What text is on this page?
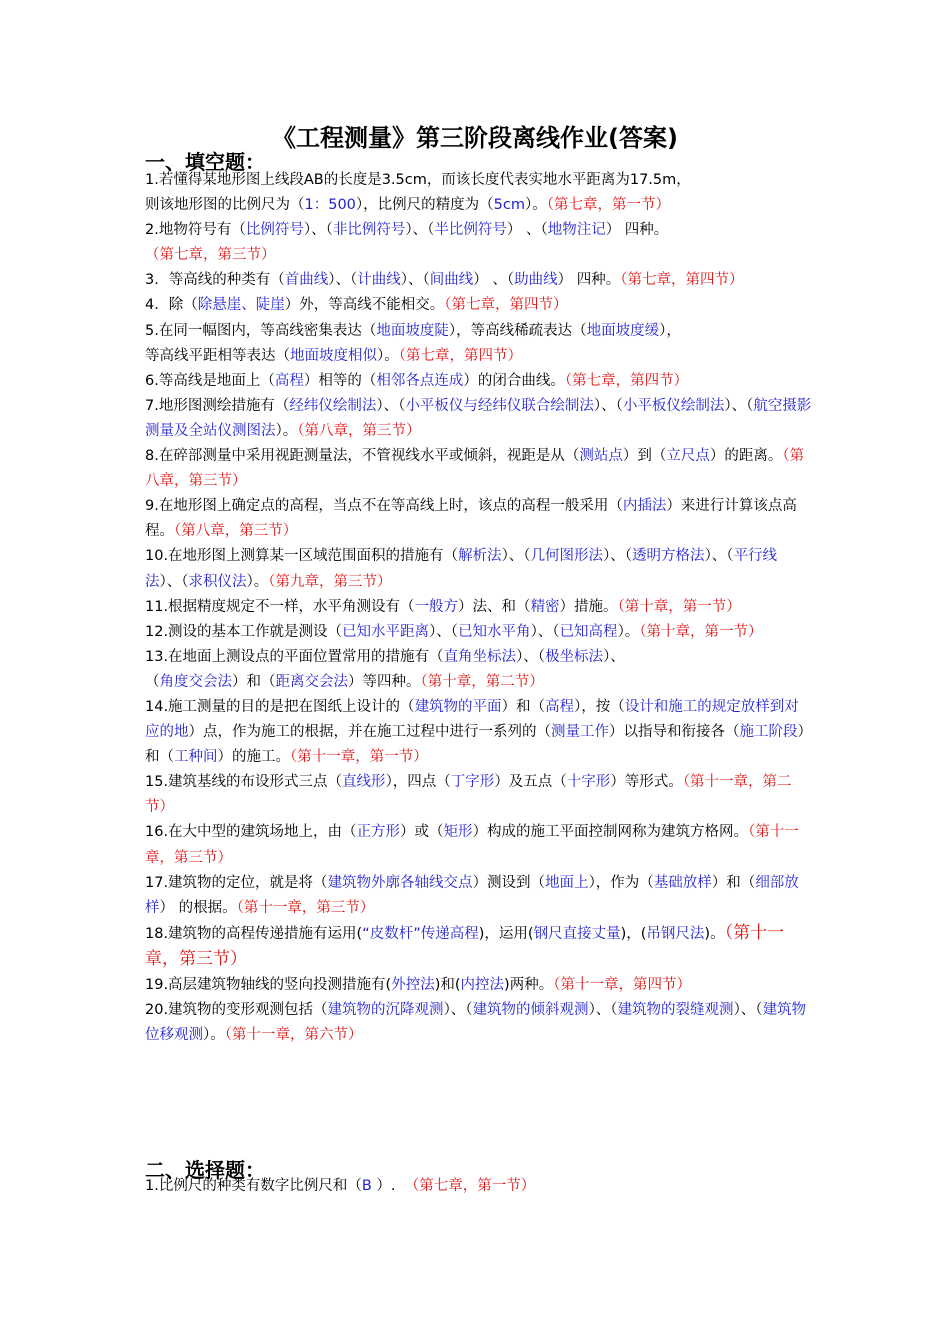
《工程测量》第三阶段离线作业(答案)
一、填空题：

1.若懂得某地形图上线段AB的长度是3.5cm，而该长度代表实地水平距离为17.5m，
则该地形图的比例尺为（1：500），比例尺的精度为（5cm）。（第七章，第一节）

2.地物符号有（比例符号）、（非比例符号）、（半比例符号） 、（地物注记） 四种。
（第七章，第三节）

3．等高线的种类有（首曲线）、（计曲线）、（间曲线） 、（助曲线） 四种。（第七章，第四节）

4．除（除悬崖、陡崖）外，等高线不能相交。（第七章，第四节）

5.在同一幅图内，等高线密集表达（地面坡度陡），等高线稀疏表达（地面坡度缓），
等高线平距相等表达（地面坡度相似）。（第七章，第四节）

6.等高线是地面上（高程）相等的（相邻各点连成）的闭合曲线。（第七章，第四节）

7.地形图测绘措施有（经纬仪绘制法）、（小平板仪与经纬仪联合绘制法）、（小平板仪绘制法）、（航空摄影测量及全站仪测图法）。（第八章，第三节）

8.在碎部测量中采用视距测量法，不管视线水平或倾斜，视距是从（测站点）到（立尺点）的距离。（第八章，第三节）

9.在地形图上确定点的高程，当点不在等高线上时，该点的高程一般采用（内插法）来进行计算该点高程。（第八章，第三节）

10.在地形图上测算某一区域范围面积的措施有（解析法）、（几何图形法）、（透明方格法）、（平行线法）、（求积仪法）。（第九章，第三节）

11.根据精度规定不一样，水平角测设有（一般方）法、和（精密）措施。（第十章，第一节）

12.测设的基本工作就是测设（已知水平距离）、（已知水平角）、（已知高程）。（第十章，第一节）

13.在地面上测设点的平面位置常用的措施有（直角坐标法）、（极坐标法）、
（角度交会法）和（距离交会法）等四种。（第十章，第二节）

14.施工测量的目的是把在图纸上设计的（建筑物的平面）和（高程），按（设计和施工的规定放样到对应的地）点，作为施工的根据，并在施工过程中进行一系列的（测量工作）以指导和衔接各（施工阶段）和（工种间）的施工。（第十一章，第一节）

15.建筑基线的布设形式三点（直线形），四点（丁字形）及五点（十字形）等形式。（第十一章，第二节）

16.在大中型的建筑场地上，由（正方形）或（矩形）构成的施工平面控制网称为建筑方格网。（第十一章，第三节）

17.建筑物的定位，就是将（建筑物外廓各轴线交点）测设到（地面上），作为（基础放样）和（细部放样） 的根据。（第十一章，第三节）

18.建筑物的高程传递措施有运用(“皮数杆”传递高程)，运用(钢尺直接丈量)，(吊钢尺法)。（第十一章，第三节）

19.高层建筑物轴线的竖向投测措施有(外控法)和(内控法)两种。（第十一章，第四节）

20.建筑物的变形观测包括（建筑物的沉降观测）、（建筑物的倾斜观测）、（建筑物的裂缝观测）、（建筑物位移观测）。（第十一章，第六节）

二、选择题：

1.比例尺的种类有数字比例尺和（B ）. （第七章，第一节）
